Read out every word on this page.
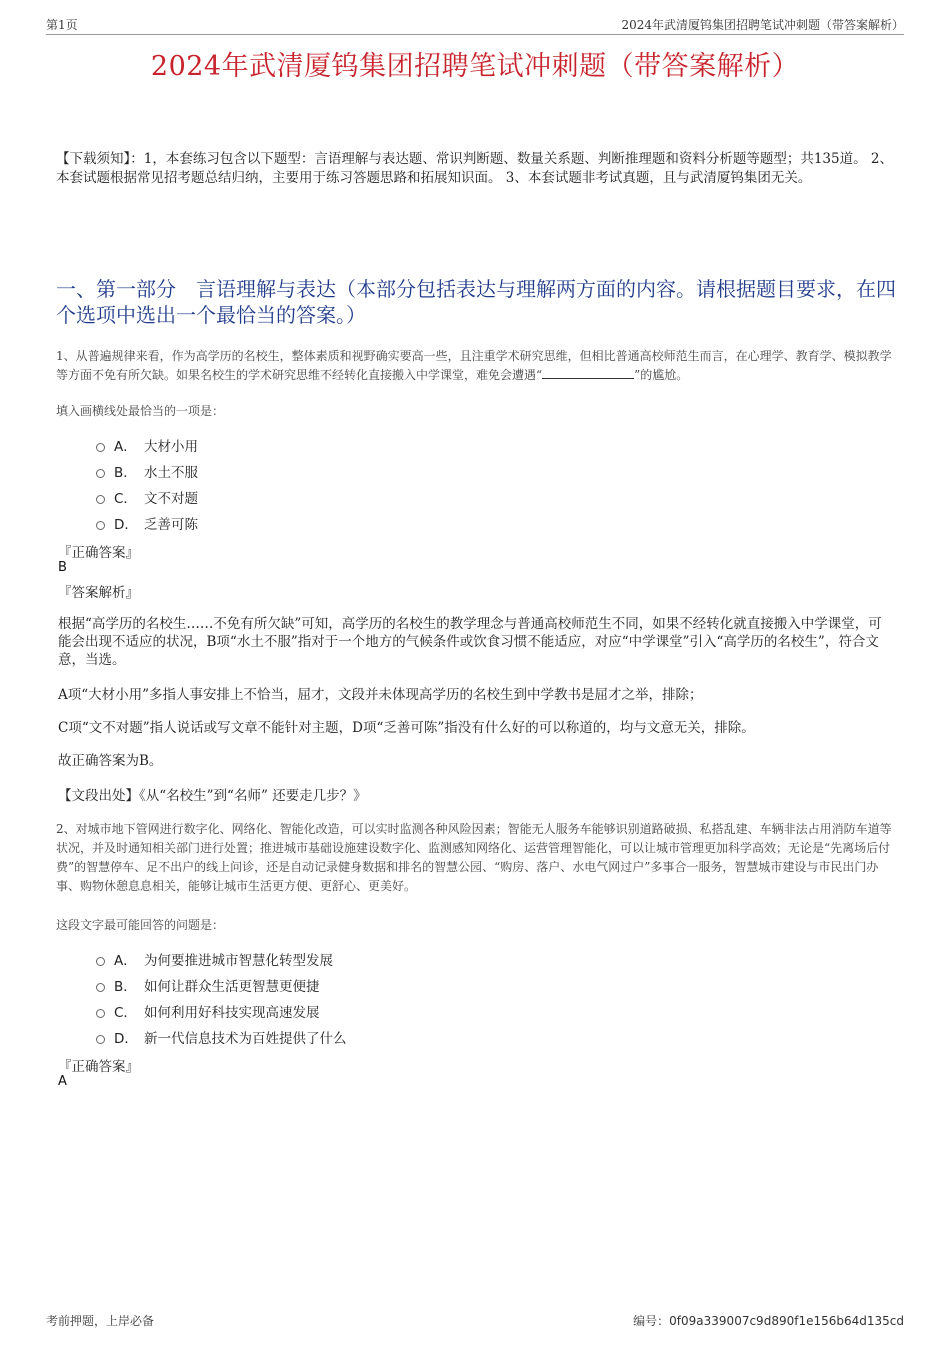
第1页	2024年武清厦钨集团招聘笔试冲刺题（带答案解析）
2024年武清厦钨集团招聘笔试冲刺题（带答案解析）
【下载须知】：1，本套练习包含以下题型：言语理解与表达题、常识判断题、数量关系题、判断推理题和资料分析题等题型；共135道。 2、本套试题根据常见招考题总结归纳，主要用于练习答题思路和拓展知识面。 3、本套试题非考试真题，且与武清厦钨集团无关。
一、第一部分　言语理解与表达（本部分包括表达与理解两方面的内容。请根据题目要求，在四个选项中选出一个最恰当的答案。）
1、从普遍规律来看，作为高学历的名校生，整体素质和视野确实要高一些，且注重学术研究思维，但相比普通高校师范生而言，在心理学、教育学、模拟教学等方面不免有所欠缺。如果名校生的学术研究思维不经转化直接搬入中学课堂，难免会遭遇“	”的尴尬。
填入画横线处最恰当的一项是：
A． 大材小用
B． 水土不服
C． 文不对题
D． 乏善可陈
『正确答案』
B
『答案解析』
根据“高学历的名校生……不免有所欠缺”可知，高学历的名校生的教学理念与普通高校师范生不同，如果不经转化就直接搬入中学课堂，可能会出现不适应的状况，B项“水土不服”指对于一个地方的气候条件或饮食习惯不能适应，对应“中学课堂”引入“高学历的名校生”，符合文意，当选。
A项“大材小用”多指人事安排上不恰当，屈才，文段并未体现高学历的名校生到中学教书是屈才之举，排除；
C项“文不对题”指人说话或写文章不能针对主题，D项“乏善可陈”指没有什么好的可以称道的，均与文意无关，排除。
故正确答案为B。
【文段出处】《从“名校生”到“名师” 还要走几步？》
2、对城市地下管网进行数字化、网络化、智能化改造，可以实时监测各种风险因素；智能无人服务车能够识别道路破损、私搭乱建、车辆非法占用消防车道等状况，并及时通知相关部门进行处置；推进城市基础设施建设数字化、监测感知网络化、运营管理智能化，可以让城市管理更加科学高效；无论是“先离场后付费”的智慧停车、足不出户的线上问诊，还是自动记录健身数据和排名的智慧公园、“购房、落户、水电气网过户”多事合一服务，智慧城市建设与市民出门办事、购物休憩息息相关，能够让城市生活更方便、更舒心、更美好。
这段文字最可能回答的问题是：
A． 为何要推进城市智慧化转型发展
B． 如何让群众生活更智慧更便捷
C． 如何利用好科技实现高速发展
D． 新一代信息技术为百姓提供了什么
『正确答案』
A
考前押题，上岸必备	编号：0f09a339007c9d890f1e156b64d135cd
